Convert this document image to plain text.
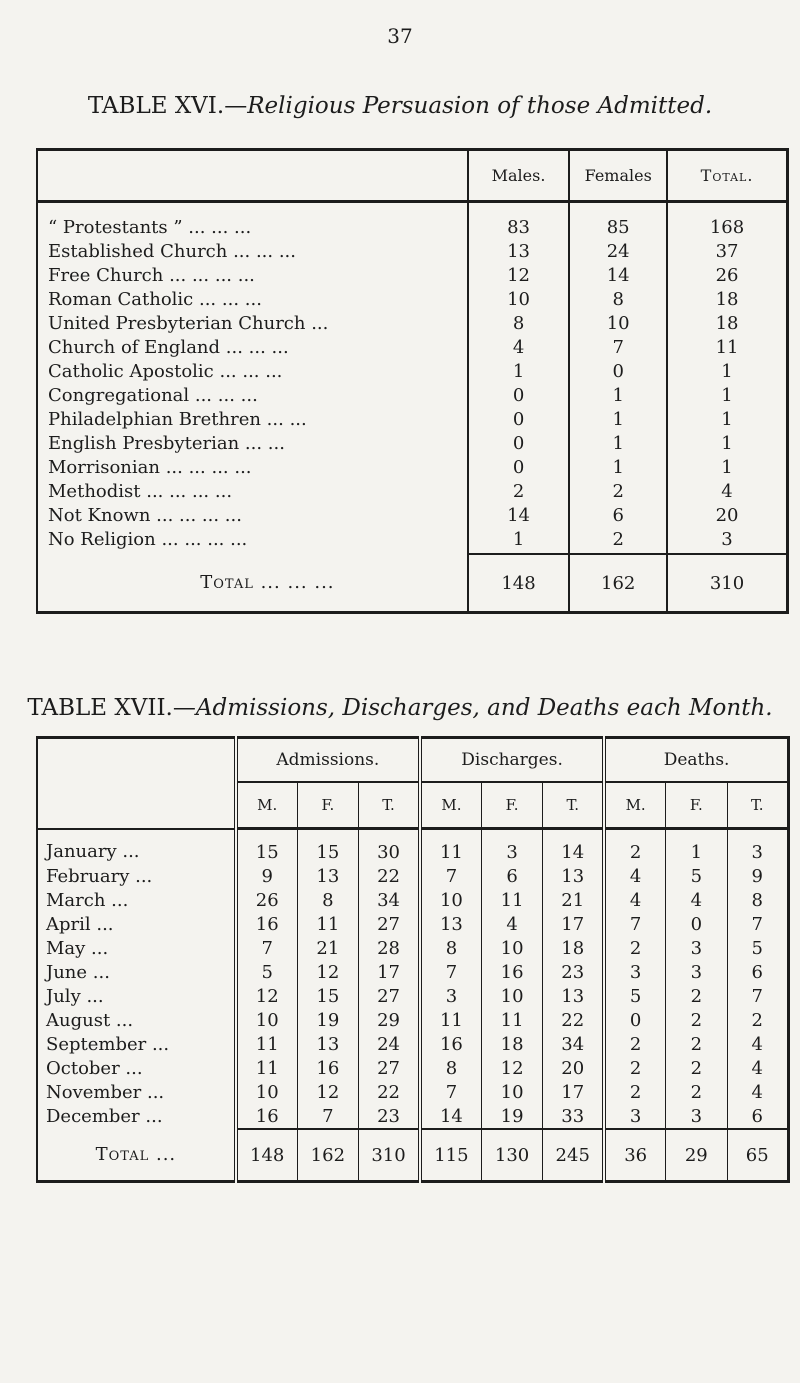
37
TABLE XVI.—Religious Persuasion of those Admitted.
	Males.	Females	Total.
“ Protestants ” ... ... ...	83	85	168
Established Church ... ... ...	13	24	37
Free Church ... ... ... ...	12	14	26
Roman Catholic ... ... ...	10	8	18
United Presbyterian Church ...	8	10	18
Church of England ... ... ...	4	7	11
Catholic Apostolic ... ... ...	1	0	1
Congregational ... ... ...	0	1	1
Philadelphian Brethren ... ...	0	1	1
English Presbyterian ... ...	0	1	1
Morrisonian ... ... ... ...	0	1	1
Methodist ... ... ... ...	2	2	4
Not Known ... ... ... ...	14	6	20
No Religion ... ... ... ...	1	2	3
Total ... ... ...	148	162	310
TABLE XVII.—Admissions, Discharges, and Deaths each Month.
	Admissions.			Discharges.			Deaths.		
	M.	F.	T.	M.	F.	T.	M.	F.	T.
January ...	15	15	30	11	3	14	2	1	3
February ...	9	13	22	7	6	13	4	5	9
March ...	26	8	34	10	11	21	4	4	8
April ...	16	11	27	13	4	17	7	0	7
May ...	7	21	28	8	10	18	2	3	5
June ...	5	12	17	7	16	23	3	3	6
July ...	12	15	27	3	10	13	5	2	7
August ...	10	19	29	11	11	22	0	2	2
September ...	11	13	24	16	18	34	2	2	4
October ...	11	16	27	8	12	20	2	2	4
November ...	10	12	22	7	10	17	2	2	4
December ...	16	7	23	14	19	33	3	3	6
Total ...	148	162	310	115	130	245	36	29	65
